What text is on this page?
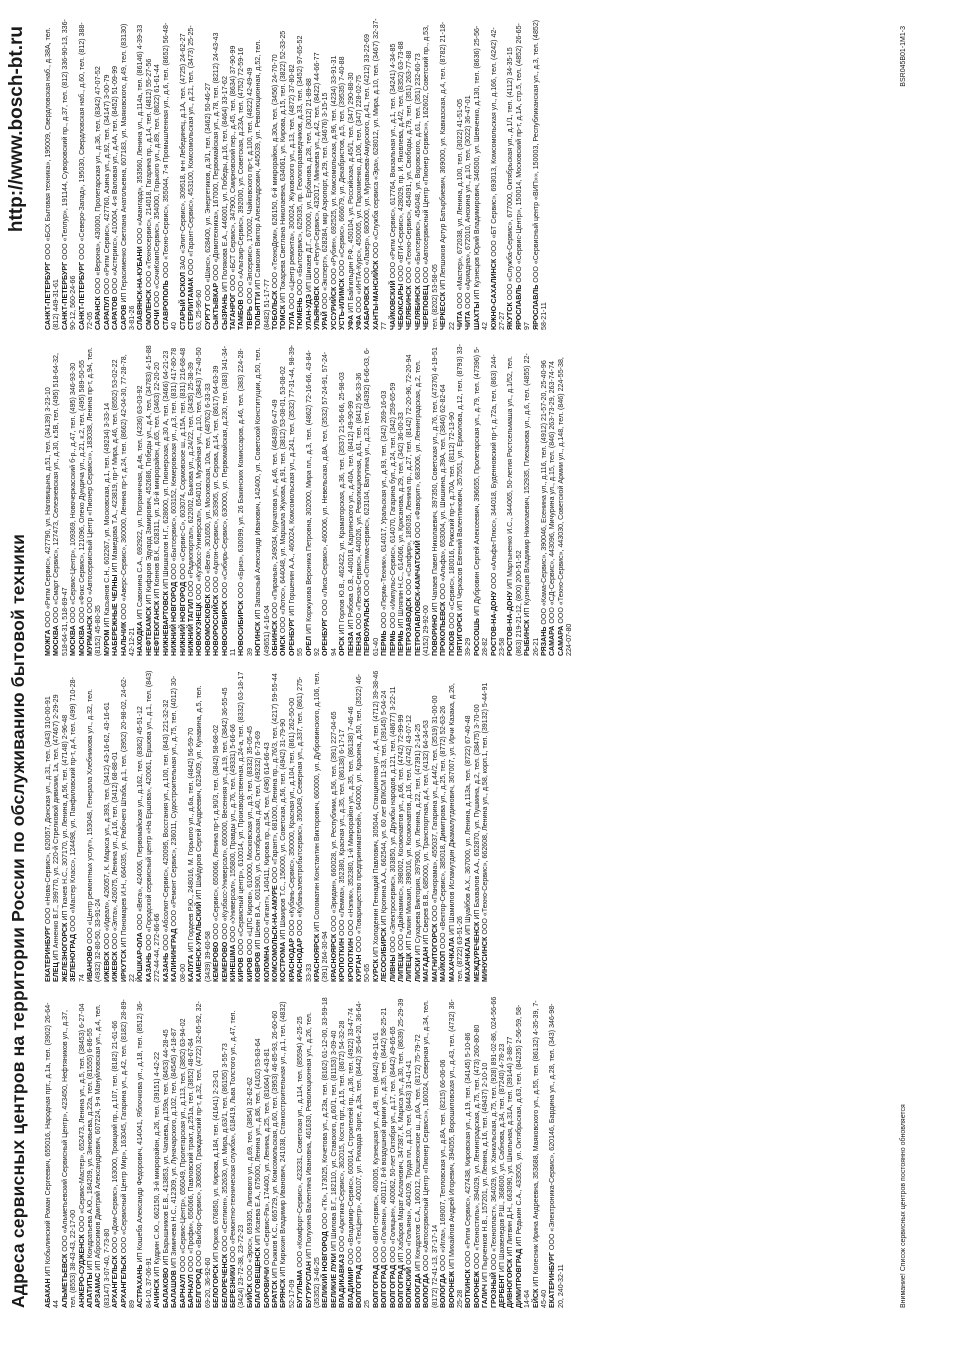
Адреса сервисных центров на территории России по обслуживанию бытовой техники
http://www.bosch-bt.ru

АБАКАН ИП Кобылинский Роман Сергеевич, 655016, Народная прт., д.1а, тел. (3902) 26-64-44 АЛЬМЕТЬЕВСК ООО «Альметьевский Сервисный Центр», 423450, Нефтяников ул., д.37, тел. (8553) 38-43-43, 22-17-00 АНЖЕРО-СУДЖЕНСК ООО «Сервис-Мастер», 652473, Ленина ул., д.5, тел. (38453) 6-27-04

АПАТИТЫ ИП Кондратьева А.Ю., 184209, ул. Зиновьева, д.22а, тел. (81555) 6-86-55

АРЗАМАС ИП Абросимов Дмитрий Александрович, 607224, 9-я Мануйловская ул., д.4, тел. (83147) 3-07-40, 7-73-80 АРХАНГЕЛЬСК ООО «Дом-Сервис», 163000, Троицкий пр., д.107, тел. (8182) 21-61-66

АРХАНГЕЛЬСК ООО «Сервисный Центр Мир», 163045, Гагарина ул., д.42, тел. (8182) 28-89-89 АСТРАХАНЬ ИП Кошеба Александр Федорович, 414041, Яблочкова ул., д.18, тел. (8512) 36-84-10, 37-06-91 АЧИНСК ИП Кудрин С.Ю., 662150, 3-й микрорайон, д.26, тел. (39151) 4-42-22

БАЛАКОВО ИП Барышников Е.В., 413853, ул. Чапаева, д.159а, тел. (8453) 44-28-45

БАЛАШОВ ИП Зимичева Н.С., 412309, ул. Луначарского, д.102, тел. (84545) 4-18-87

БАРНАУЛ ООО «Сервис-Центр», 656049, Пролетарская ул., д.113, тел. (3852) 63-94-02

БАРНАУЛ ООО «Профи», 656066, Павловский тракт, д.251а, тел. (3852) 48-67-84

БЕЛГОРОД ООО «Выбор-Сервис», 308600, Гражданский пр-т, д.32, тел. (4722) 32-65-92, 32-69-20, 36-92-60 БЕЛОГОРСК ИП Юрков, 676850, ул. Кирова, д.184, тел. (41641) 2-23-01

БЕЛОРЕЧЕНСК ООО «Сетлион», 352630, ул. Мира, д.63/1, тел. (86155) 3-55-73

БЕРЕЗНИКИ ООО «Ремонтно-техническая служба», 618419, Льва Толстого ул., д.47, тел. (3424) 23-72-38, 23-72-23 БИЙСК ООО «Эрос», 659305, Липового ул., д.69, тел. (3854) 32-62-62 БЛАГОВЕЩЕНСК ИП Исаева Е.А., 675000, Ленина ул., д.86, тел. (4162) 53-63-64

БОРОВИЧИ ООО «Сервис-Ра», 174400, ул. Ленина, д.25, тел. (81664) 4-43-81

БРАТСК ИП Рыжков К.С., 665729, ул. Комсомольская, д.60, тел. (3953) 46-85-93, 26-60-60

БРЯНСК ИП Кирюхин Владимир Иванович, 241038, Станкостроительная ул., д.1, тел. (4832) 52-17-09 БУГУЛЬМА ООО «Комфорт-Сервис», 423231, Советская ул., д.114, тел. (85594) 4-25-25

БУГУРУСЛАН ИП Полухина Валентина Ивановна, 461630, Революционная ул., д.26, тел. (35352) 3-46-25 ВЕЛИКИЙ НОВГОРОД ООО «ТК», 173025, Кочетова ул., д.23а, тел. (8162) 61-12-00, 33-59-18

ВЕЛИКИЕ ЛУКИ ИП Шилова В.Г., 182110, ул. Ставского, д.60/1, тел. (81153) 3-09-40

ВЛАДИКАВКАЗ ООО «Арктика-Сервис», 362015, Коста прт., д.15, тел. (8672) 54-32-28

ВЛАДИМИР ООО «Владимир-Сервис», 600014, Строителей пр., д.36, тел. (4922) 33-47-74

ВОЛГОГРАД ООО «ТехЦентр», 400107, ул. Рихарда Зорге, д.3а, тел. (8442) 35-64-20, 36-64-25 ВОЛГОГРАД ООО «ВИП-сервис», 400005, Кузнецкая ул., д.49, тел. (8442) 49-11-61

ВОЛГОГРАД ООО «Гольяны», 400117, 8-й воздушной армии ул., д.35, тел. (8442) 58-25-21

ВОЛГОГРАД ООО «Голицын», 400062, 50-лет Октября ул., д.17, тел. (8442) 49-65-65

ВОЛГОГРАД ИП Хабаров Марат Асланович, 347387, К. Маркса ул., д.30, тел. (8639) 25-29-39

ВОЛЖСКИЙ ООО «Гольяны», 404109, Труда пл., д.10, тел. (8443) 31-41-41

ВОЛОГДА ИП Кондратов С.А., 160012, Пошехонское ш., д.6А, тел. (8172) 75-79-72

ВОЛОГДА ООО «Автосервисный Центр «Пионер Сервис»», 160024, Северная ул., д.34, тел. (8172) 72-41-13, 37-17-14 ВОЛОГДА ООО «Игла», 169007, Тепловская ул., д.8А, тел. (8215) 66-06-06

ВОРОНЕЖ ИП Михайлов Андрей Игоревич, 394055, Ворошиловская ул., д.43, тел. (4732) 36-25-28 ВОТКИНСК ООО «Ритм Сервис», 427438, Кировская ул., д.19, тел. (34145) 5-10-86

ВОРОНЕЖ ООО «Техностиль», 394029, ул. Ленинградская, д.75, тел. (473) 260-80-80

ГАЛИЧ ИП Пырченков Н.В., 157201, ул. Ленина, д.16, тел. (49437) 2-10-10

ГРОЗНЫЙ ООО «Технопласт», 364029, ул. Ханкальская, д.75, тел. (928) 891-02-86, 024-56-66

ДЕРБЕНТ ИП Шахвеледов Р.Ш., 368600, ул. Сабнова, д.34, тел. (87240) 4-78-23

ДИВНОГОРСК ИП Литвин Д.Н., 663090, ул. Школьная, д.31А, тел. (39144) 3-88-77

ДИМИТРОВГРАД ИП Редькин С.А., 433505, ул. Октябрьская, д.63, тел. (84235) 2-56-59, 58-14-64 ЕЙСК ИП Колесник Ирина Андреевна, 353688, Маяковского ул., д.55, тел. (86132) 4-35-39, 7-45-40 ЕКАТЕРИНБУРГ ООО «Электроника-Сервис», 620146, Бардина ул., д.28, тел. (343) 346-98-20, 240-32-11

ЕКАТЕРИНБУРГ ООО «Нова-Сервис», 620057, Донская ул., д.31, тел. (343) 310-00-91

ЕЛЕЦ ИП Анненко В.Г., 399770, ул. 220-й Стрелковой дивизии, 1а, тел. (47467) 2-29-29 ЖЕЛЕЗНОГОРСК ИП Ткачев Н.С., 307170, ул. Ленина, д.56, тел. (47148) 2-96-48

ЗЕЛЕНОГРАД ООО «Мастер Класс», 124498, ул. Панфиловский пр-т, д.4, тел. (499) 710-28-74 ИВАНОВО ООО «Центр ремонтных услуг», 153048, Генерала Хлебникова ул., д.32, тел. (4932) 32-80-50, 33-91-24 ИЖЕВСК ООО «Идеал», 426057, К. Маркса ул., д.393, тел. (3412) 43-16-62, 43-16-61

ИЖЕВСК ООО «Элта», 426075, Ленина ул., д.16, тел. (3412) 68-88-01

ИРКУТСК ИП Пономарев И.Н., 664035, ул. Рабочего Штаба, д.1, тел. (3952) 20-98-02, 24-62-22 ЙОШКАР-ОЛА ООО «Вега», 424006, Первомайская ул., д.162, тел. (8362) 45-51-12

КАЗАНЬ ООО «Городской сервисный центр «На Ершова», 420061, Ершова ул., д.1, тел. (843) 272-44-44, 272-66-66 КАЗАНЬ ООО «Абсолют-Сервис», 420095, Восстания ул., д.100, тел. (843) 221-32-32

КАЛИНИНГРАД ООО «Ремонт Сервис», 236011, Судостроительная ул., д.75, тел. (4012) 30-08-00 КАЛУГА ИП Гордеев Р.Ю., 248016, М. Горького ул., д.6а, тел. (4842) 56-59-70 КАМЕНСК-УРАЛЬСКИЙ ИП Шайдуров Сергей Андреевич, 623409, ул. Кунавина, д.5, тел. (3439) 39-60-58 КЕМЕРОВО ООО «Сервис», 650066, Ленина пр-т, д.90/3, тел. (3842) 58-68-02

КЕМЕРОВО ООО «Кузбасс-Универсал», 650000, Весенняя ул., д.19, тел. (3842) 36-55-45

КИНЕШМА ООО «Универсал», 155800, Правды ул., д.76, тел. (49331) 5-66-66

КИРОВ ООО «Сервисный центр», 610014, ул. Производственная, д.24-а, тел. (8332) 63-18-17

КИРОВ ООО «ЦПС Киров», 610000, Московская ул., д.9, тел. (8332) 35-05-45

КОВРОВ ИП Шеин В.А., 601900, ул. Октябрьская, д.40, тел. (49232) 6-73-69

КОЛОМНА ООО «Гигант», 140411, Кирова пр., д.54, тел. (496) 614-66-43 КОМСОМОЛЬСК-НА-АМУРЕ ООО «Гарант», 681000, Ленина пр., д.76/3, тел. (4217) 59-55-44

КОСТРОМА ИП Шакиров Т.С., 156000, ул. Советская, д.56, тел. (4942) 31-79-90

КРАСНОДАР ООО «Кубань-Сервис», 350000, Красная ул., д.104, тел. (861) 262-50-00

КРАСНОДАР ООО «Кубаньэлектробытсервис», 350049, Северная ул., д.337, тел. (861) 275-33-33 КРАСНОЯРСК ИП Соломатин Константин Викторович, 660000, ул. Дубровинского, д.106, тел. (391) 264-30-94 КРАСНОЯРСК ООО «Эридан», 660028, ул. Республики, д.56, тел. (391) 227-04-65

КРОПОТКИН ООО «Лемма», 352380, Красная ул., д.35, тел. (86138) 6-17-17

КРОПОТКИН ООО «Нэпик», 352380, 1-й Микрорайон ул., д.35, тел. (86138) 7-46-46

КУРГАН ООО «Товарищество предпринимателей», 640000, ул. Красина, д.50, тел. (3522) 46-50-65 КУРСК ИП Холоденин Геннадий Павлович, 305044, Станционная ул., д.4, тел. (4712) 39-38-46 ЛЕСОСИБИРСК ИП Кропина А.А., 662544, ул. 60 лет ВЛКСМ 11-33, тел. (39145) 5-04-24

ЛИВНЫ ООО «Электросервис», 303850, ул. Дружбы народов, д.121, тел. (48677) 3-22-11

ЛИПЕЦК ООО «Дайнамикс», 398002, Космонавтов ул., д.66, тел. (4742) 72-99-99

ЛИПЕЦК ИП Галкин Михаил, 398016, ул. Космонавтов, д.16, тел. (4742) 43-07-12

ЛИСКИ ИП Сухарева Виктория, 397900, ул. Ленина, д.22, тел. (47391) 2-14-25

МАГАДАН ИП Сверев В.В., 685000, ул. Транспортная, д.4, тел. (4132) 64-34-53

МАГНИТОГОРСК ООО «Панорама», 455037, Гагарина ул., д.44/2, тел. (3519) 31-00-00

МАЙКОП ООО «Вектор-Сервис», 385018, Димитрова ул., д.25, тел. (8772) 52-63-26

МАХАЧКАЛА ИП Шамилов Исламутдин Джамалутдинович, 367007, ул. Ирчи Казака, д.26, тел. (8722) 63-51-26 МАХАЧКАЛА ИП Шуайбов А.Х., 367000, ул. Ленина, д.113а, тел. (8722) 67-40-48

МЕЖДУРЕЧЕНСК ИП Бахвалов А.А., 652870, ул. Пушкина, д.2, тел. (38475) 3-70-00

МИНУСИНСК ООО «Техно-Сервис», 662608, Ленина ул., д.58, корп.1, тел. (39132) 5-44-91

МОЖГА ООО «Ритм Сервис», 427790, ул. Наговицына, д.51, тел. (34139) 3-23-10

МОСКВА ООО «Смарт Сервис», 127473, Селезневская ул., д.30, к.5В, тел. (495) 518-64-32, 518-64-31, 518-69-47 МОСКВА ООО «Сервис-Центр», 109369, Новочеркасский б-р., д.47, тел. (495) 346-93-30

МОСКВА ООО «Фокс Сервис», 121096, Олеко Дундича ул., д.21, к.2, тел. (495) 589-50-55

МУРМАНСК ООО «Автосервисный Центр «Пионер Сервис»», 183038, Ленина пр-т, д.94, тел. (8152) 45-80-35 МУРОМ ИП Касьянов С.Н., 602267, ул. Московская, д.1, тел. (49234) 3-33-14 НАБЕРЕЖНЫЕ ЧЕЛНЫ ИП Мамедова Т.А., 423819, пр-т Мира, д.46, тел. (8552) 53-02-22

НАЛЬЧИК ООО «Аверс-Сервис», 360000, Ленина пр-т, д.24, тел. (8662) 42-04-30, 77-28-78, 42-12-21 НАХОДКА ИП Савонина С.А., 692922, ул. Пограничная, д.4в, тел. (4236) 63-03-92

НЕФТЕКАМСК ИП Кифаров Эдуард Замирович, 452686, Победы ул., д.4, тел. (34783) 4-15-88

НЕФТЕЮГАНСК ИП Коннов В.К., 628311, ул. 16-й микрорайон, д.65, тел. (3463) 22-20-20

НИЖНЕВАРТОВСК ИП Шишкалов Н.Г., 628600, ул. Пионерская, д.30 А, тел. (3466) 64-21-23

НИЖНИЙ НОВГОРОД ООО «Бытсервис», 603152, Кемеровская ул., д.3, тел. (831) 417-80-78

НИЖНИЙ НОВГОРОД ООО «Сервис-С», 603074, Сормовское ш., д.15А, тел. (831) 216-68-48

НИЖНИЙ ТАГИЛ ООО «Радиопортал», 622002, Быкова ул., д.24/22, тел. (3435) 25-38-39

НОВОКУЗНЕЦК ООО «Кузбасс-Универсал», 654010, Музейная ул., д.10, тел. (3843) 72-40-50

НОВОМОСКОВСК ООО «Вега», 301650, ул. Московская, 10а, тел. (48762) 6-33-33

НОВОРОССИЙСК ООО «Аргон-Сервис», 353905, ул. Серова, д.14, тел. (8617) 64-63-39

НОВОСИБИРСК ООО «Сибирь-Сервис», 630000, ул. Первомайская, д.230, тел. (383) 341-34-11 НОВОСИБИРСК ООО «Бриз», 630099, ул. 26 Бакинских Комиссаров, д.46, тел. (383) 224-28-39 НОГИНСК ИП Запасный Александр Иванович, 142400, ул. Советской Конституции, д.50, тел. (49651) 4-16-04 ОБНИНСК ООО «Пиранья», 249034, Курчатова ул., д.46, тел. (48439) 6-47-49

ОМСК ООО «Лотос», 644048, ул. Маршала Жукова, д.91, тел. (3812) 53-08-01, 53-08-02

ОРЕНБУРГ ИП Горшенин А.А., 460024, Комсомольская ул., д.241, тел. (3532) 77-31-44, 98-39-55 ОРЕЛ ИП Коржукова Вероника Петровна, 302000, Мира пл., д.3, тел. (4862) 72-16-66, 43-84-92 ОРЕНБУРГ ООО «Лиса-Сервис», 460006, ул. Невельская, д.8А, тел. (3532) 57-24-91, 57-24-94 ОРСК ИП Горлов Ю.В., 462422, ул. Краматорская, д.36, тел. (3537) 21-56-66, 25-98-03

ПЕНЗА ИП Рябова О.В., 440018, Карпинского ул., д.40А, тел. (8412) 49-90-99

ПЕНЗА ООО «Пенза-Сервис», 440026, ул. Революционная, д.61, тел. (8412) 56-33-36 ПЕРВОУРАЛЬСК ООО «Оптима-сервис», 623104, Ватутина ул., д.23, тел. (34392) 6-66-03, 6-61-40 ПЕРМЬ ООО «Пермь-Техник», 614017, Уральская ул., д.93, тел. (342) 269-16-03

ПЕРМЬ ООО «Импульс-Сервис», 614070, Гагарина бул., д.24, тел. (342) 259-65-59

ПЕРМЬ ИП Шляпин Н.С., 614066, ул. Крисанова, д.29, тел. (342) 36-00-33 ПЕТРОЗАВОДСК ООО «Сапфир», 185035, Ленина пр., д.27, тел. (8142) 72-20-96, 72-20-94

ПЕТРОПАВЛОВСК-КАМЧАТСКИЙ ООО «Фаворит», 683006, ул. Ленинградская, д.2, тел. (4152) 29-92-00 ПОВОРИНО ИП Чапаев Павел Николаевич, 397350, Советская ул., д.76, тел. (47376) 4-19-51

ПРОКОПЬЕВСК ООО «Альфа», 653004, ул. Шишкина, д.39А, тел. (3846) 62-82-64

ПСКОВ ООО «Сервис», 180016, Рижский пр-т, д.70А, тел. (8112) 72-13-90

ПЯТИГОРСК ИП Черкасов Евгений Валентинович, 357551, ул. Ермолова, д.12, тел. (8793) 33-39-29 РОССОШЬ ИП Дубровин Сергей Алексеевич, 396655, Пролетарская ул., д.79, тел. (47396) 5-28-82 РОСТОВ-НА-ДОНУ ООО «Альфа-Плюс», 344018, Буденновский пр-т, д.72а, тел. (863) 244-23-58 РОСТОВ-НА-ДОНУ ИП Мартыненко И.С., 344065, 50-летия Ростсельмаша ул., д.1/52, тел. (863) 219-21-12, (800) 200-51-52 РЫБИНСК ИП Кузнецов Владимир Николаевич, 152935, Плеханова ул., д.6, тел. (4855) 22-26-21 РЯЗАНЬ ООО «Кама-Сервис», 390046, Есенина ул., д.116, тел. (4912) 21-57-20, 25-40-96

САМАРА ООО «СД-Сервис», 443096, Мичурина ул., д.15, тел. (846) 263-73-29, 263-74-74

САМАРА ООО «Техно-Сервис», 443030, Советской Армии ул., д.148, тел. (846) 224-55-38, 224-07-80

САНКТ-ПЕТЕРБУРГ ООО «БСХ Бытовая техника», 195009, Свердловская наб., д.38А, тел. (812) 449-31-61 САНКТ-ПЕТЕРБУРГ ООО «Теллур», 191144, Суворовский пр., д.37, тел. (812) 336-90-13, 336-90-12, 560-24-66 САНКТ-ПЕТЕРБУРГ ООО «Северо-Запад», 195030, Свердловская наб., д.60, тел. (812) 388-72-05 САРАНСК ООО «Верона», 430000, Пролетарская ул., д.36, тел. (8342) 47-07-52

САРАПУЛ ООО «Ритм Сервис», 427760, Азина ул., д.92, тел. (34147) 3-00-79

САРАТОВ ООО «Астерикс», 410004, 4-я Валовая ул., д.4А, тел. (8452) 51-09-99

САРОВ ИП Герасименко Светлана Анатольевна, 607183, ул. Маяковского, д.49, тел. (83130) 3-81-26 СЛАВЯНСК-НА-КУБАНИ ООО «Авангард», 353560, Ленина ул., д.114а, тел. (86146) 4-39-33

СМОЛЕНСК ООО «Техносервис», 214018, Гагарина пр., д.14, тел. (4812) 55-27-56

СОЧИ ООО «СочиКомпСервис», 354000, Горького ул., д.89, тел. (8622) 61-61-44 СТАВРОПОЛЬ ООО «Техно-Сервис», 355044, 7-я Промышленная ул., д.6, тел. (8652) 56-48-40 СТАРЫЙ ОСКОЛ ЗАО «Элит-Сервис», 309518, м-н Лебединец, д.1А, тел. (4725) 24-62-27

СТЕРЛИТАМАК ООО «Гарант-Сервис», 453100, Комсомольская ул., д.21, тел. (3473) 25-25-63, 25-95-60 СУРГУТ ООО «Шанс», 628400, ул. Энергетиков, д.3/1, тел. (3462) 50-46-27

СЫКТЫВКАР ООО «Домотехника», 167000, Первомайская ул., д.78, тел. (8212) 24-43-43

СЫЗРАНЬ ИП Полякова Е.А., 446001, ул. Победы, д.16, тел. (8464) 33-17-62

ТАГАНРОГ ООО «БСТ Сервис», 347900, Смирновский пер., д.45, тел. (8634) 37-90-99

ТАМБОВ ООО «Альтаир-Сервис», 392000, ул. Советская, д.23А, тел. (4752) 72-59-16

ТВЕРЬ ООО «Элсервис», 170002, Чайковского пр-т, д.100, тел. (4822) 42-49-49

ТОЛЬЯТТИ ИП Самохин Виктор Александрович, 445039, ул. Революционная, д.52, тел. (8482) 51-17-77 ТОБОЛЬСК ООО «ТехноДом», 626150, 6-й микрорайон, д.30а, тел. (3456) 24-70-70

ТОМСК ИП Токарева Светлана Николаевна, 634061, ул. Кирова, д.15, тел. (3822) 52-33-25

ТУЛА ООО «Центр ремонта», 300024, Жуковского ул., д.13, тел. (4872) 37-80-82

ТЮМЕНЬ ООО «Бытсервис», 625035, пр. Геологоразведчиков, д.33, тел. (3452) 97-65-52

УЛАН-УДЭ ИП Шикаев Д.Г., 670000, ул. Ербанова, д.28, тел. (3012) 21-89-88

УЛЬЯНОВСК ООО «Регул-Сервис», 432017, Минаева ул., д.42, тел. (8422) 44-66-77

УРАЙ ООО «Эксперт», 628284, мкр Аэропорт, д.29, тел. (34676) 3-15-15 УССУРИЙСК ООО «Рубин», 692525, ул. Комсомольская, д.96, тел. (4234) 33-91-31

УСТЬ-ИЛИМСК ООО «Сервис», 666679, ул. Декабристов, д.5, тел. (39535) 7-40-88

УФА ИП Байгильдин Р.Ф., 450104, ул. Российская, д.45/1, тел. (347) 290-88-30

УФА ООО «ИНТА-Курс», 450005, ул. Пархоменко, д.106, тел. (347) 228-02-75 ХАБАРОВСК ООО «Лазер», 680000, ул. Муравьева-Амурского, д.41, тел. (4212) 33-22-69

ХАНТЫ-МАНСИЙСК ООО «Служба сервиса «Эра», 628012, ул. Мира, д.10, тел. (3467) 32-37-77 ЧАЙКОВСКИЙ ООО «Ритм Сервис», 617764, Вокзальная ул., д.1, тел. (34241) 4-34-85

ЧЕБОКСАРЫ ООО «ВТИ-Сервис», 428029, пр. И. Яковлева, д.4/2, тел. (8352) 63-73-88

ЧЕЛЯБИНСК ООО «Техно-Сервис», 454091, ул. Свободы, д.79, тел. (351) 263-77-88

ЧЕЛЯБИНСК ООО «Бытсервис», 454048, ул. Воровского, д.61, тел. (351) 232-60-73

ЧЕРЕПОВЕЦ ООО «Автосервисный Центр «Пионер Сервис»», 162602, Советский пр., д.53, тел. (8202) 53-58-05 ЧЕРКЕССК ИП Лепшоков Артур Батырбиевич, 369000, ул. Кавказская, д.4, тел. (8782) 21-18-22 ЧИТА ООО «Мастер», 672038, ул. Ленина, д.100, тел. (3022) 41-51-05

ЧИТА ООО «Ариадна», 672010, Анохина ул., д.10, тел. (3022) 36-47-01

ШАХТЫ ИП Кузнецов Юрий Владимирович, 346500, ул. Шевченко, д.130, тел. (8636) 25-56-42 ЮЖНО-САХАЛИНСК ООО «БТ Сервис», 693013, Комсомольская ул., д.166, тел. (4242) 42-27-27 ЯКУТСК ООО «Служба-Сервис», 677000, Октябрьская ул., д.1/1, тел. (4112) 34-35-15

ЯРОСЛАВЛЬ ООО «Сервис-Центр», 150014, Московский пр-т, д.1А, стр.5, тел. (4852) 26-65-97 ЯРОСЛАВЛЬ ООО «Сервисный центр «ВИП»», 150003, Республиканская ул., д.3, тел. (4852) 58-21-11

Внимание! Список сервисных центров постоянно обновляется
BSR045B01-1M1-3
